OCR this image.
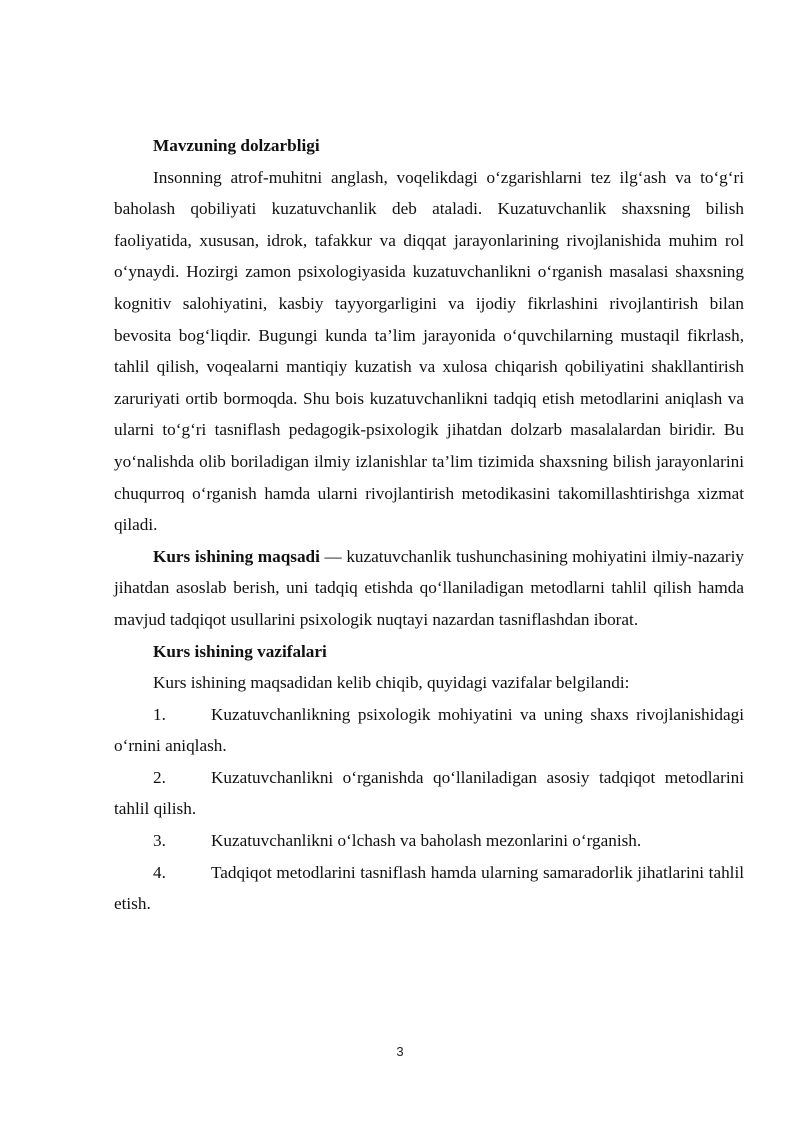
Mavzuning dolzarbligi

Insonning atrof-muhitni anglash, voqelikdagi o‘zgarishlarni tez ilg‘ash va to‘g‘ri baholash qobiliyati kuzatuvchanlik deb ataladi. Kuzatuvchanlik shaxsning bilish faoliyatida, xususan, idrok, tafakkur va diqqat jarayonlarining rivojlanishida muhim rol o‘ynaydi. Hozirgi zamon psixologiyasida kuzatuvchanlikni o‘rganish masalasi shaxsning kognitiv salohiyatini, kasbiy tayyorgarligini va ijodiy fikrlashini rivojlantirish bilan bevosita bog‘liqdir. Bugungi kunda ta’lim jarayonida o‘quvchilarning mustaqil fikrlash, tahlil qilish, voqealarni mantiqiy kuzatish va xulosa chiqarish qobiliyatini shakllantirish zaruriyati ortib bormoqda. Shu bois kuzatuvchanlikni tadqiq etish metodlarini aniqlash va ularni to‘g‘ri tasniflash pedagogik-psixologik jihatdan dolzarb masalalardan biridir. Bu yo‘nalishda olib boriladigan ilmiy izlanishlar ta’lim tizimida shaxsning bilish jarayonlarini chuqurroq o‘rganish hamda ularni rivojlantirish metodikasini takomillashtirishga xizmat qiladi.

Kurs ishining maqsadi — kuzatuvchanlik tushunchasining mohiyatini ilmiy-nazariy jihatdan asoslab berish, uni tadqiq etishda qo‘llaniladigan metodlarni tahlil qilish hamda mavjud tadqiqot usullarini psixologik nuqtayi nazardan tasniflashdan iborat.

Kurs ishining vazifalari

Kurs ishining maqsadidan kelib chiqib, quyidagi vazifalar belgilandi:

1.	Kuzatuvchanlikning psixologik mohiyatini va uning shaxs rivojlanishidagi o‘rnini aniqlash.

2.	Kuzatuvchanlikni o‘rganishda qo‘llaniladigan asosiy tadqiqot metodlarini tahlil qilish.

3.	Kuzatuvchanlikni o‘lchash va baholash mezonlarini o‘rganish.

4.	Tadqiqot metodlarini tasniflash hamda ularning samaradorlik jihatlarini tahlil etish.

3
